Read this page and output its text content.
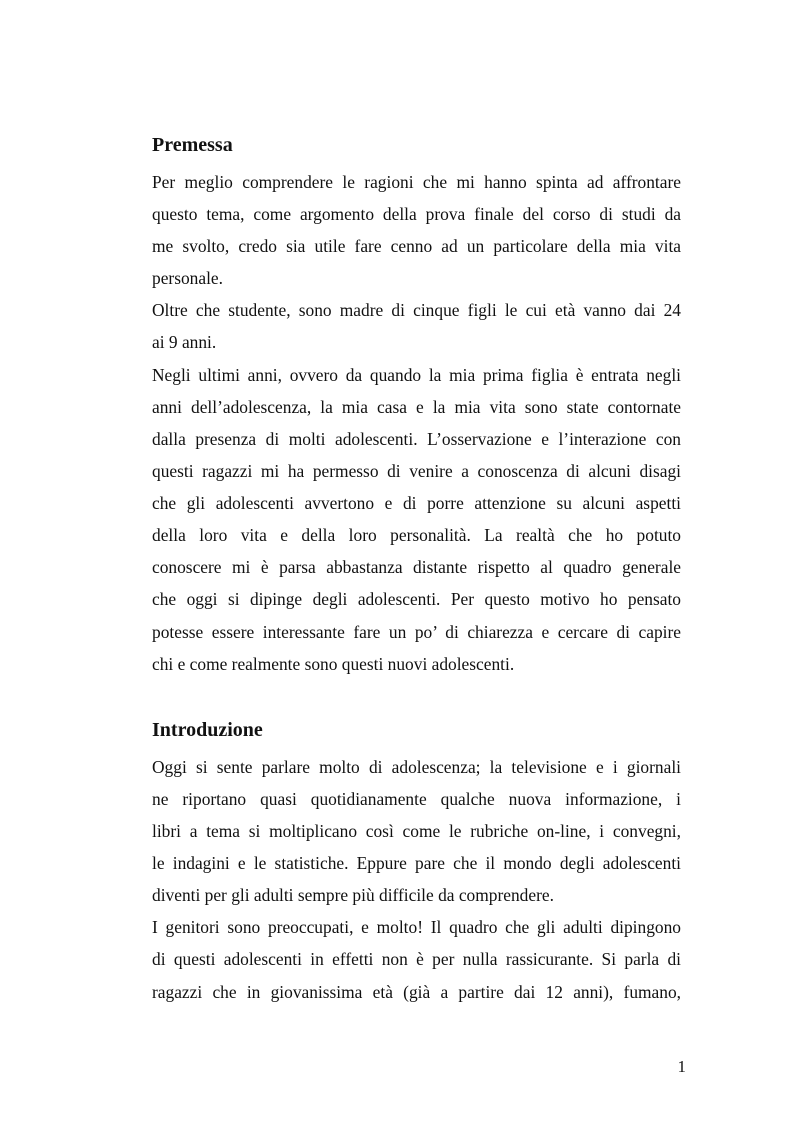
Premessa

Per meglio comprendere le ragioni che mi hanno spinta ad affrontare

questo tema, come argomento della prova finale del corso di studi da

me svolto, credo sia utile fare cenno ad un particolare della mia vita

personale.

Oltre che studente, sono madre di cinque figli le cui età vanno dai 24

ai 9 anni.

Negli ultimi anni, ovvero da quando la mia prima figlia è entrata negli

anni dell’adolescenza, la mia casa e la mia vita sono state contornate

dalla presenza di molti adolescenti. L’osservazione e l’interazione con

questi ragazzi mi ha permesso di venire a conoscenza di alcuni disagi

che gli adolescenti avvertono e di porre attenzione su alcuni aspetti

della loro vita e della loro personalità. La realtà che ho potuto

conoscere mi è parsa abbastanza distante rispetto al quadro generale

che oggi si dipinge degli adolescenti. Per questo motivo ho pensato

potesse essere interessante fare un po’ di chiarezza e cercare di capire

chi e come realmente sono questi nuovi adolescenti.

Introduzione

Oggi si sente parlare molto di adolescenza; la televisione e i giornali

ne riportano quasi quotidianamente qualche nuova informazione, i

libri a tema si moltiplicano così come le rubriche on-line, i convegni,

le indagini e le statistiche. Eppure pare che il mondo degli adolescenti

diventi per gli adulti sempre più difficile da comprendere.

I genitori sono preoccupati, e molto! Il quadro che gli adulti dipingono

di questi adolescenti in effetti non è per nulla rassicurante. Si parla di

ragazzi che in giovanissima età (già a partire dai 12 anni), fumano,

1
